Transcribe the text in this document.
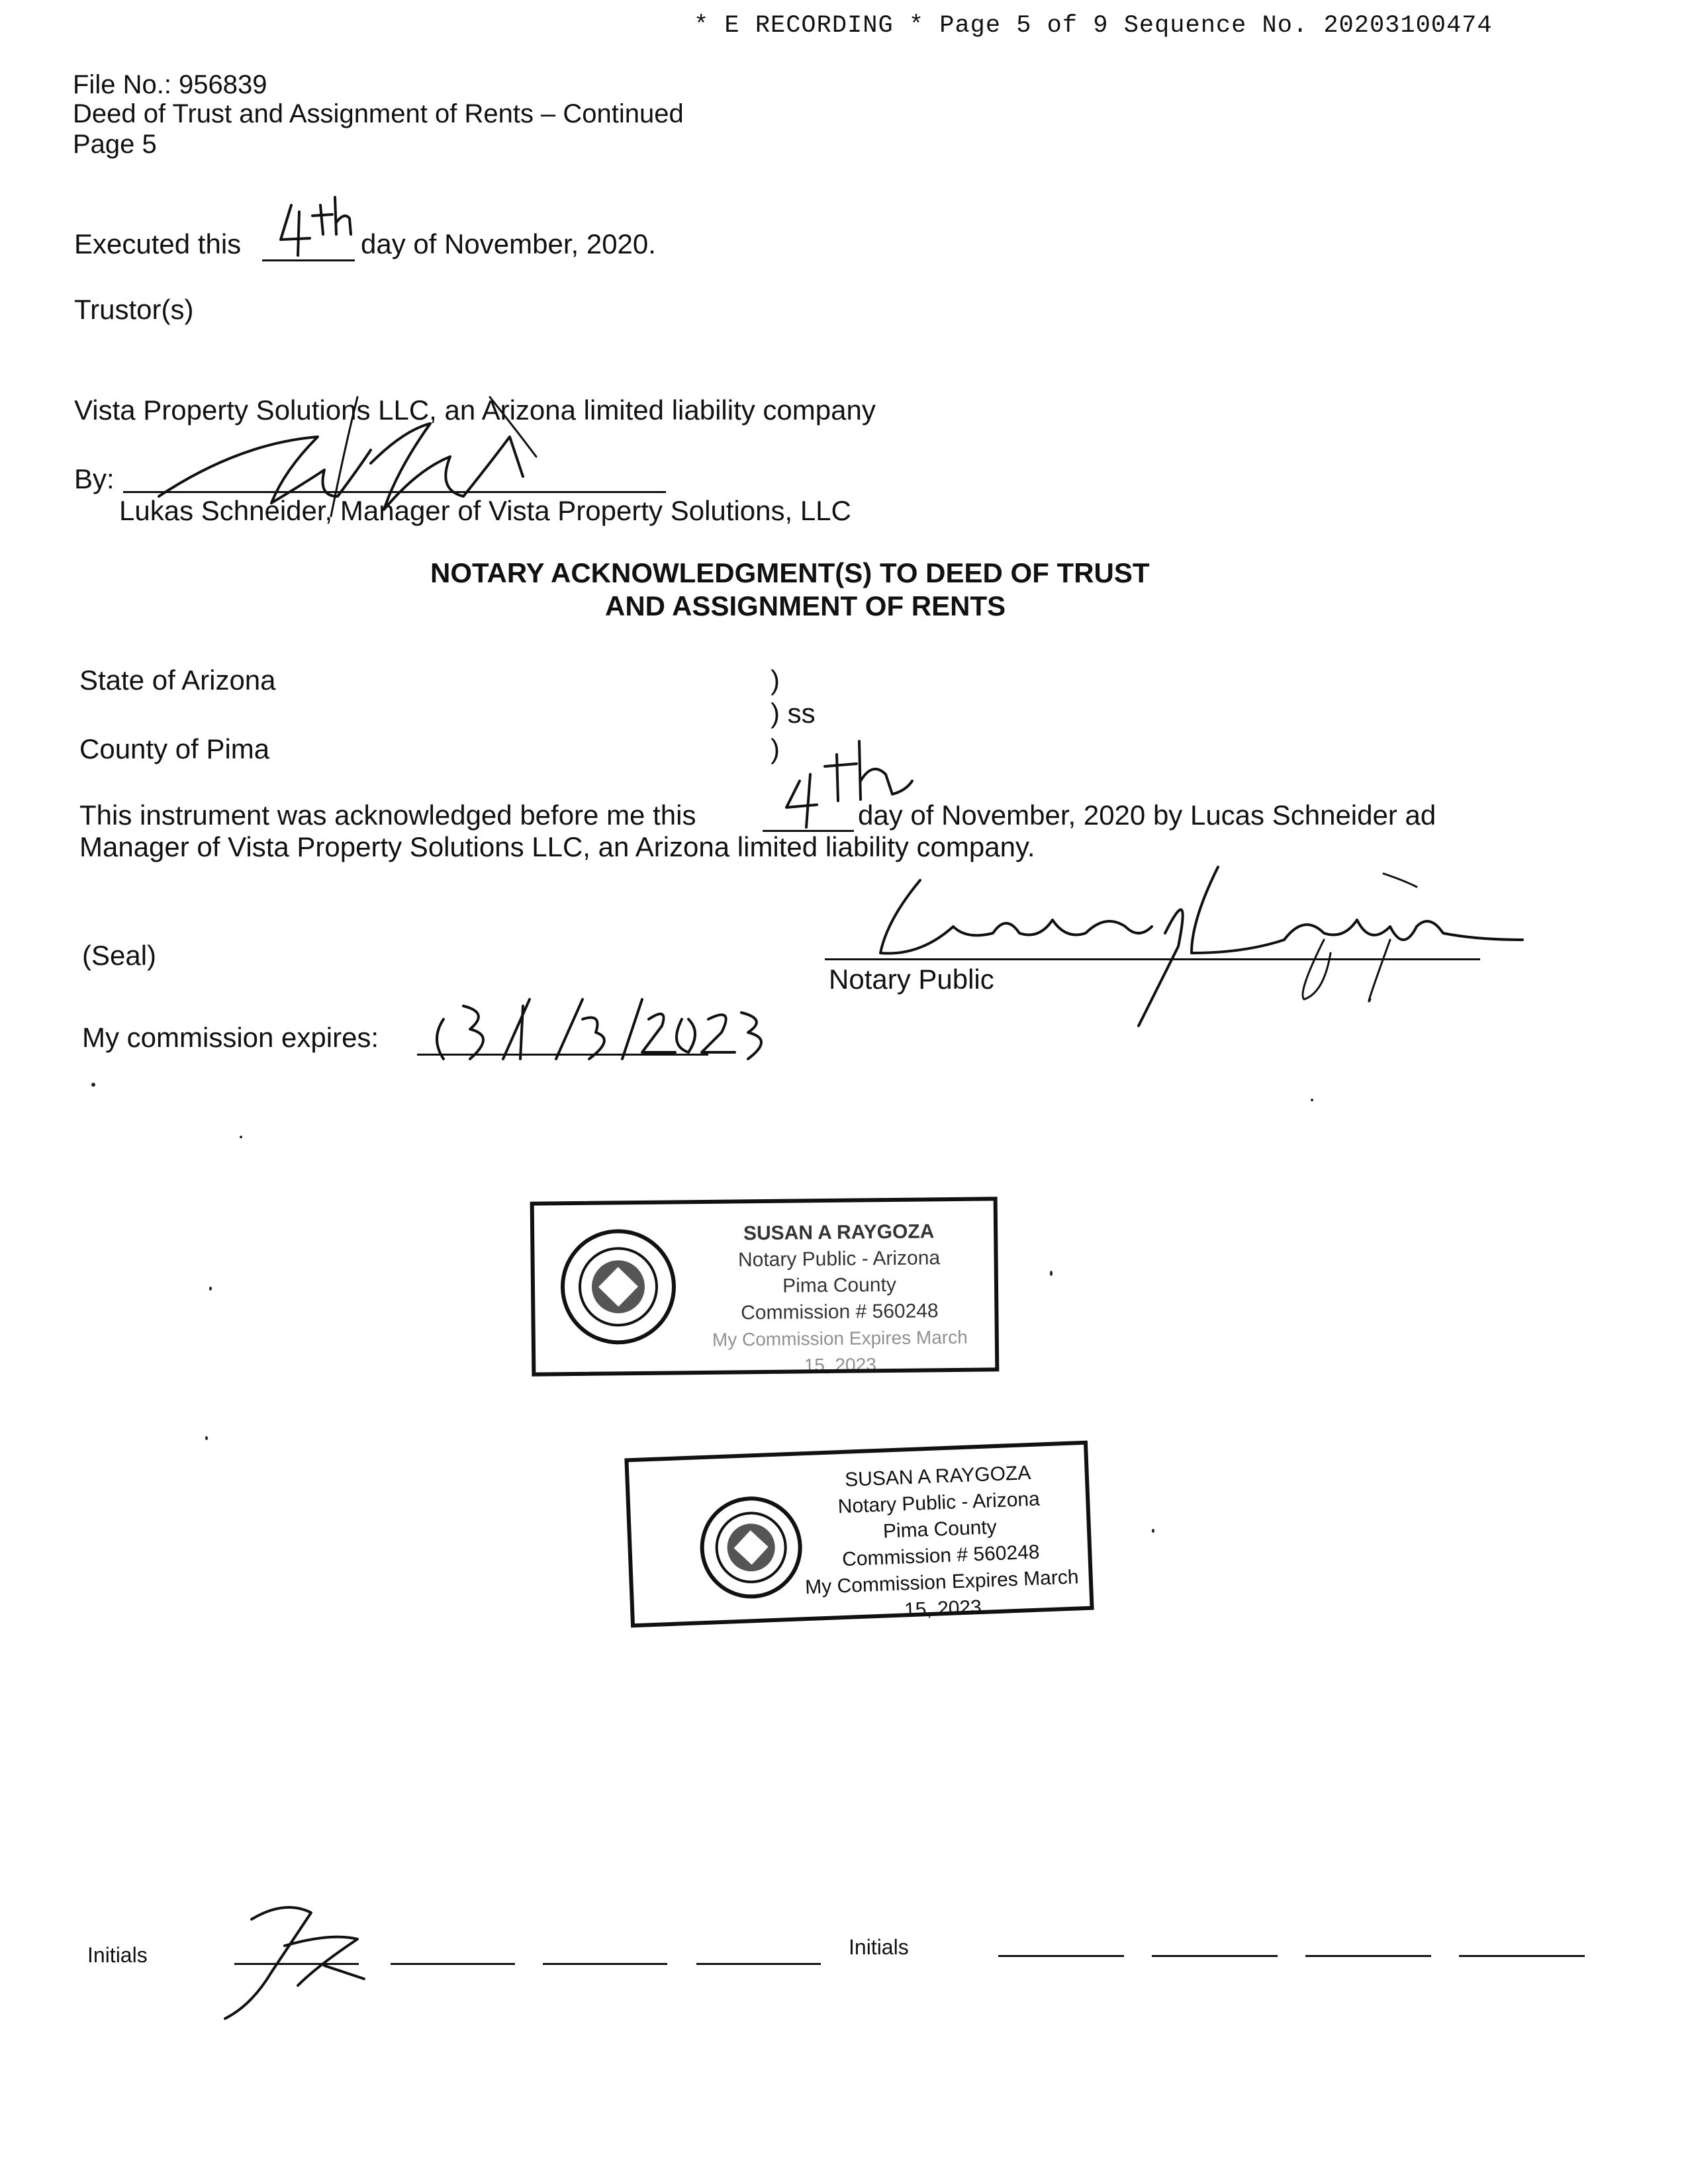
* E RECORDING * Page 5 of 9 Sequence No. 20203100474
File No.: 956839
Deed of Trust and Assignment of Rents – Continued
Page 5
Executed this	day of November, 2020.
Trustor(s)
Vista Property Solutions LLC, an Arizona limited liability company
By:
Lukas Schneider, Manager of Vista Property Solutions, LLC
NOTARY ACKNOWLEDGMENT(S) TO DEED OF TRUST
AND ASSIGNMENT OF RENTS
State of Arizona	)
) ss
County of Pima	)
This instrument was acknowledged before me this	day of November, 2020 by Lucas Schneider ad
Manager of Vista Property Solutions LLC, an Arizona limited liability company.
(Seal)
Notary Public
My commission expires:
SUSAN A RAYGOZA
Notary Public - Arizona
Pima County
Commission # 560248
My Commission Expires March 15, 2023
SUSAN A RAYGOZA
Notary Public - Arizona
Pima County
Commission # 560248
My Commission Expires March 15, 2023
Initials	Initials
